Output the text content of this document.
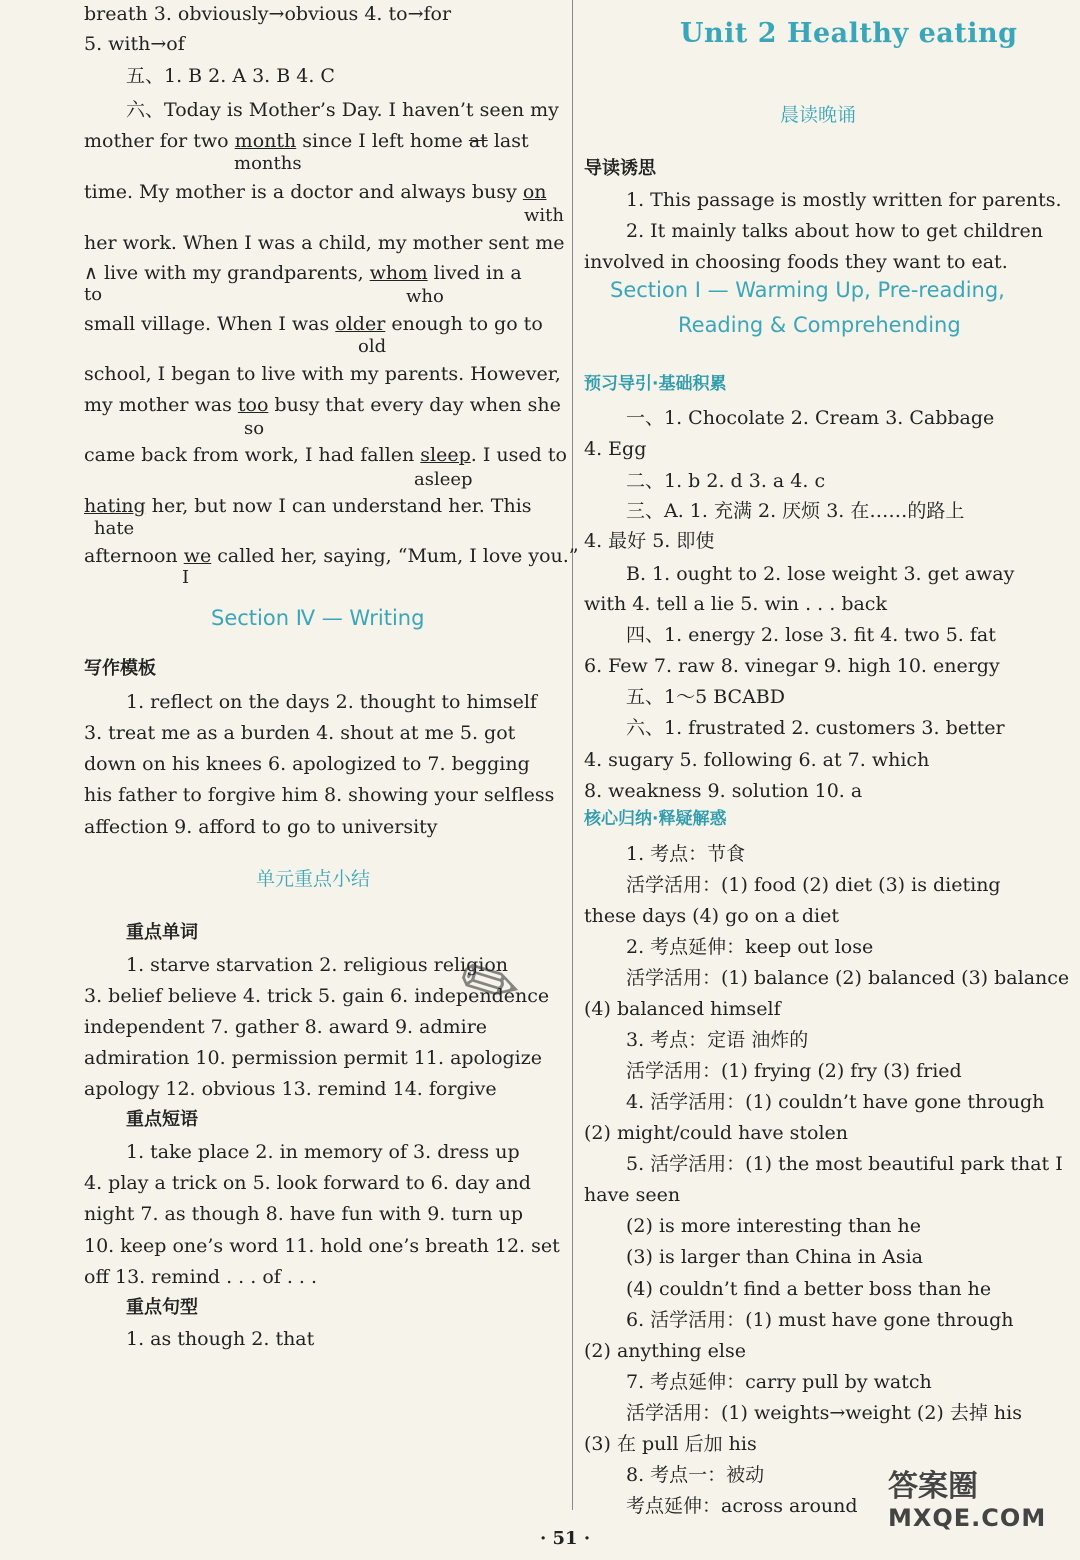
breath 3. obviously→obvious 4. to→for
5. with→of
五、1. B 2. A 3. B 4. C
六、Today is Mother’s Day. I haven’t seen my
mother for two month since I left home at last
months
time. My mother is a doctor and always busy on
with
her work. When I was a child, my mother sent me
∧ live with my grandparents, whom lived in a
to	who
small village. When I was older enough to go to
old
school, I began to live with my parents. However,
my mother was too busy that every day when she
so
came back from work, I had fallen sleep. I used to
asleep
hating her, but now I can understand her. This
hate
afternoon we called her, saying, “Mum, I love you.”
I
Section Ⅳ — Writing
写作模板
1. reflect on the days 2. thought to himself
3. treat me as a burden 4. shout at me 5. got
down on his knees 6. apologized to 7. begging
his father to forgive him 8. showing your selfless
affection 9. afford to go to university
单元重点小结
重点单词
1. starve starvation 2. religious religion
3. belief believe 4. trick 5. gain 6. independence
independent 7. gather 8. award 9. admire
admiration 10. permission permit 11. apologize
apology 12. obvious 13. remind 14. forgive
重点短语
1. take place 2. in memory of 3. dress up
4. play a trick on 5. look forward to 6. day and
night 7. as though 8. have fun with 9. turn up
10. keep one’s word 11. hold one’s breath 12. set
off 13. remind . . . of . . .
重点句型
1. as though 2. that
Unit 2 Healthy eating
晨读晚诵
导读诱思
1. This passage is mostly written for parents.
2. It mainly talks about how to get children
involved in choosing foods they want to eat.
Section Ⅰ — Warming Up, Pre-reading,
Reading & Comprehending
预习导引·基础积累
一、1. Chocolate 2. Cream 3. Cabbage
4. Egg
二、1. b 2. d 3. a 4. c
三、A. 1. 充满 2. 厌烦 3. 在……的路上
4. 最好 5. 即使
B. 1. ought to 2. lose weight 3. get away
with 4. tell a lie 5. win . . . back
四、1. energy 2. lose 3. fit 4. two 5. fat
6. Few 7. raw 8. vinegar 9. high 10. energy
五、1～5 BCABD
六、1. frustrated 2. customers 3. better
4. sugary 5. following 6. at 7. which
8. weakness 9. solution 10. a
核心归纳·释疑解惑
1. 考点：节食
活学活用：(1) food (2) diet (3) is dieting
these days (4) go on a diet
2. 考点延伸：keep out lose
活学活用：(1) balance (2) balanced (3) balance
(4) balanced himself
3. 考点：定语 油炸的
活学活用：(1) frying (2) fry (3) fried
4. 活学活用：(1) couldn’t have gone through
(2) might/could have stolen
5. 活学活用：(1) the most beautiful park that I
have seen
(2) is more interesting than he
(3) is larger than China in Asia
(4) couldn’t find a better boss than he
6. 活学活用：(1) must have gone through
(2) anything else
7. 考点延伸：carry pull by watch
活学活用：(1) weights→weight (2) 去掉 his
(3) 在 pull 后加 his
8. 考点一：被动
考点延伸：across around
✎
· 51 ·
答案圈
MXQE.COM
